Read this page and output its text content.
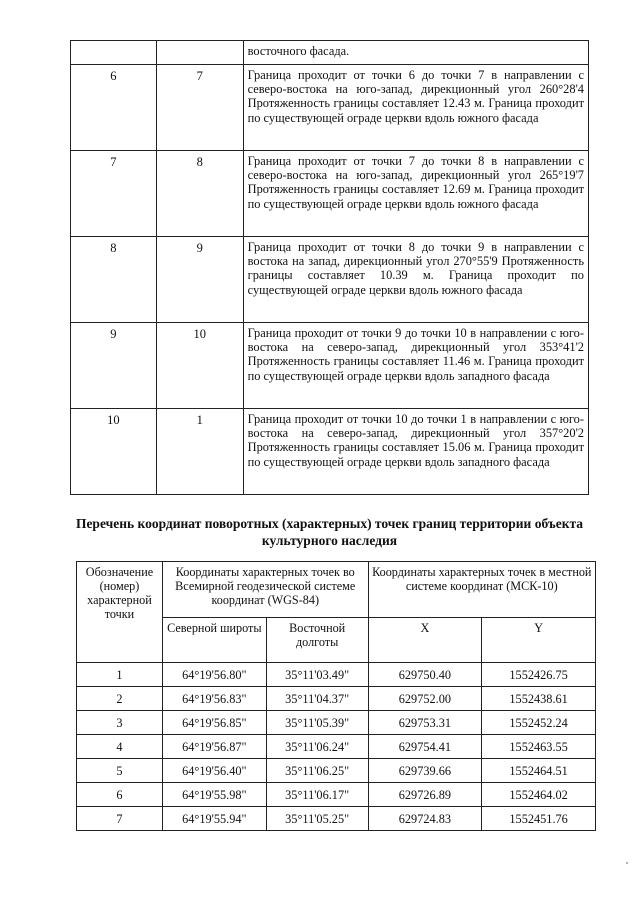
		восточного фасада.
6	7	Граница проходит от точки 6 до точки 7 в направлении с северо-востока на юго-запад, дирекционный угол 260°28'4 Протяженность границы составляет 12.43 м. Граница проходит по существующей ограде церкви вдоль южного фасада
7	8	Граница проходит от точки 7 до точки 8 в направлении с северо-востока на юго-запад, дирекционный угол 265°19'7 Протяженность границы составляет 12.69 м. Граница проходит по существующей ограде церкви вдоль южного фасада
8	9	Граница проходит от точки 8 до точки 9 в направлении с востока на запад, дирекционный угол 270°55'9 Протяженность границы составляет 10.39 м. Граница проходит по существующей ограде церкви вдоль южного фасада
9	10	Граница проходит от точки 9 до точки 10 в направлении с юго-востока на северо-запад, дирекционный угол 353°41'2 Протяженность границы составляет 11.46 м. Граница проходит по существующей ограде церкви вдоль западного фасада
10	1	Граница проходит от точки 10 до точки 1 в направлении с юго-востока на северо-запад, дирекционный угол 357°20'2 Протяженность границы составляет 15.06 м. Граница проходит по существующей ограде церкви вдоль западного фасада
Перечень координат поворотных (характерных) точек границ территории объекта культурного наследия
Обозначение (номер) характерной точки	Координаты характерных точек во Всемирной геодезической системе координат (WGS-84)		Координаты характерных точек в местной системе координат (МСК-10)	
	Северной широты	Восточной долготы	X	Y
1	64°19'56.80"	35°11'03.49"	629750.40	1552426.75
2	64°19'56.83"	35°11'04.37"	629752.00	1552438.61
3	64°19'56.85"	35°11'05.39"	629753.31	1552452.24
4	64°19'56.87"	35°11'06.24"	629754.41	1552463.55
5	64°19'56.40"	35°11'06.25"	629739.66	1552464.51
6	64°19'55.98"	35°11'06.17"	629726.89	1552464.02
7	64°19'55.94"	35°11'05.25"	629724.83	1552451.76
